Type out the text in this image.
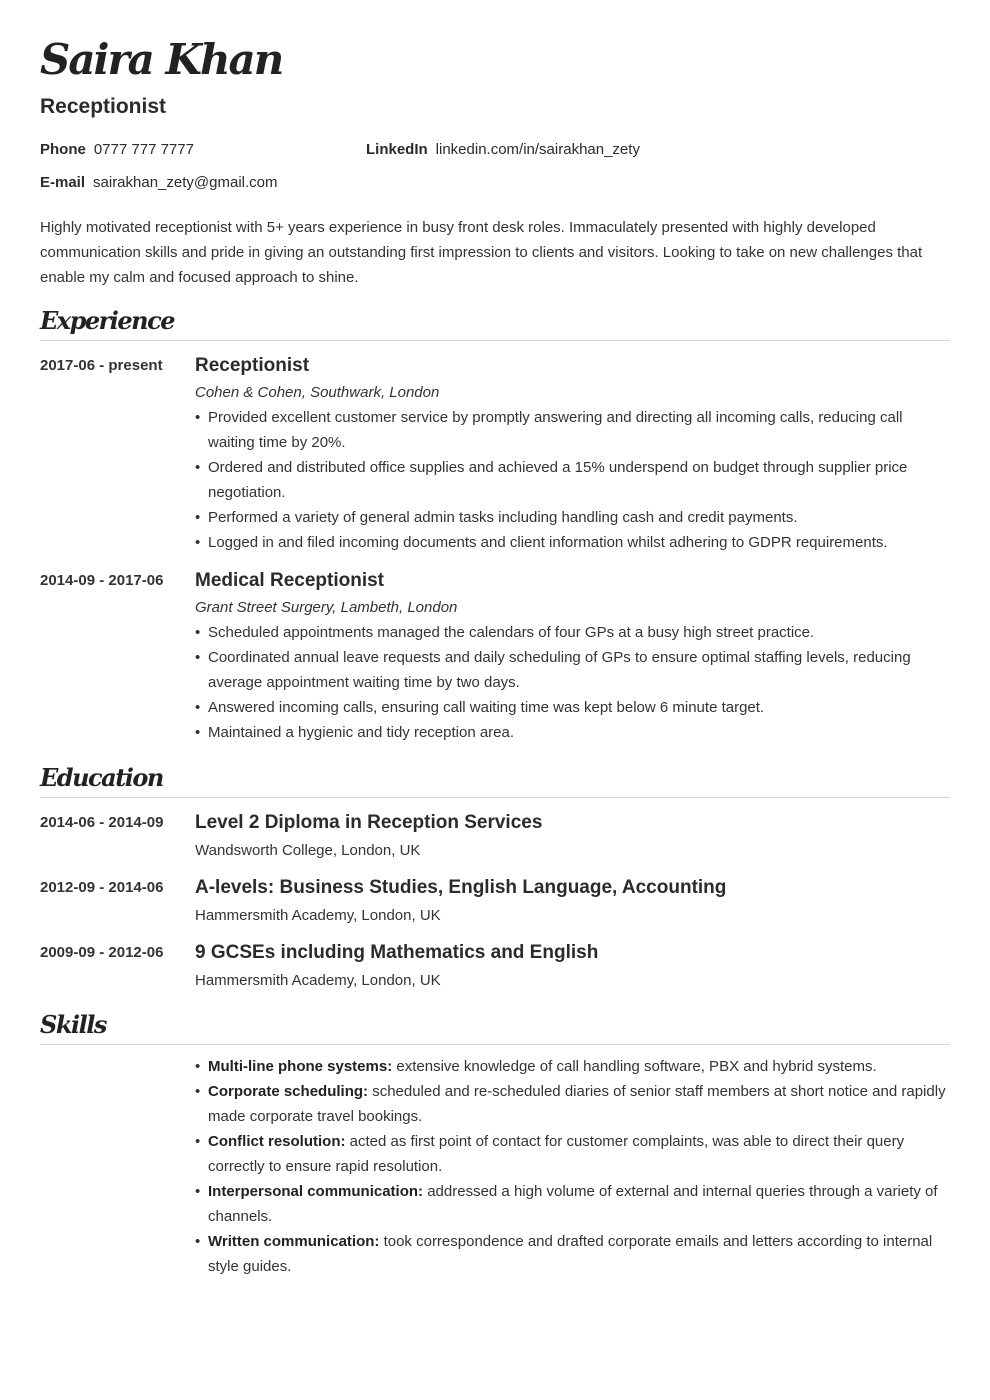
Saira Khan
Receptionist
Phone 0777 777 7777	LinkedIn linkedin.com/in/sairakhan_zety
E-mail sairakhan_zety@gmail.com

Highly motivated receptionist with 5+ years experience in busy front desk roles. Immaculately presented with highly developed communication skills and pride in giving an outstanding first impression to clients and visitors. Looking to take on new challenges that enable my calm and focused approach to shine.

Experience
2017-06 - present	Receptionist
Cohen & Cohen, Southwark, London
• Provided excellent customer service by promptly answering and directing all incoming calls, reducing call waiting time by 20%.
• Ordered and distributed office supplies and achieved a 15% underspend on budget through supplier price negotiation.
• Performed a variety of general admin tasks including handling cash and credit payments.
• Logged in and filed incoming documents and client information whilst adhering to GDPR requirements.
2014-09 - 2017-06	Medical Receptionist
Grant Street Surgery, Lambeth, London
• Scheduled appointments managed the calendars of four GPs at a busy high street practice.
• Coordinated annual leave requests and daily scheduling of GPs to ensure optimal staffing levels, reducing average appointment waiting time by two days.
• Answered incoming calls, ensuring call waiting time was kept below 6 minute target.
• Maintained a hygienic and tidy reception area.
Education
2014-06 - 2014-09	Level 2 Diploma in Reception Services
Wandsworth College, London, UK
2012-09 - 2014-06	A-levels: Business Studies, English Language, Accounting
Hammersmith Academy, London, UK
2009-09 - 2012-06	9 GCSEs including Mathematics and English
Hammersmith Academy, London, UK
Skills
• Multi-line phone systems: extensive knowledge of call handling software, PBX and hybrid systems.
• Corporate scheduling: scheduled and re-scheduled diaries of senior staff members at short notice and rapidly made corporate travel bookings.
• Conflict resolution: acted as first point of contact for customer complaints, was able to direct their query correctly to ensure rapid resolution.
• Interpersonal communication: addressed a high volume of external and internal queries through a variety of channels.
• Written communication: took correspondence and drafted corporate emails and letters according to internal style guides.
